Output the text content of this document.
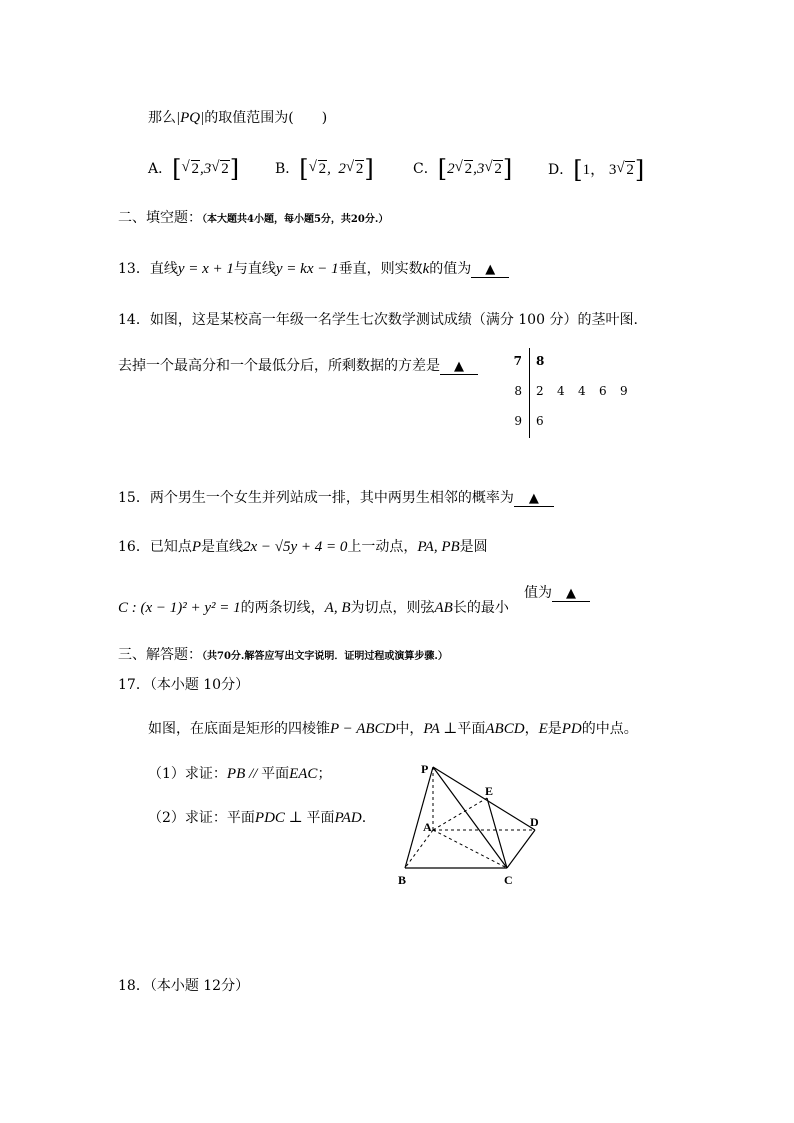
那么|PQ|的取值范围为(　　)
A．[ √ 2,3 √ 2]	B．[ √ 2,  2 √ 2]	C．[2 √ 2,3 √ 2]	D．[1， 3 √ 2]
二、填空题：（本大题共4小题，每小题5分，共20分.）
13．直线y = x + 1与直线y = kx − 1垂直，则实数k的值为 ▲
14．如图，这是某校高一年级一名学生七次数学测试成绩（满分 100 分）的茎叶图.
去掉一个最高分和一个最低分后，所剩数据的方差是 ▲	7 8
8 2 4 4 6 9
9 6
15．两个男生一个女生并列站成一排，其中两男生相邻的概率为 ▲
16．已知点P是直线2x − √5y + 4 = 0上一动点，PA, PB是圆
值为 ▲
C : (x − 1)² + y² = 1的两条切线，A, B为切点，则弦AB长的最小
三、解答题：（共70分.解答应写出文字说明．证明过程或演算步骤.）
17．（本小题 10分）
如图，在底面是矩形的四棱锥P − ABCD中，PA ⊥平面ABCD，E是PD的中点。
（1）求证：PB // 平面EAC；
（2）求证：平面PDC ⊥ 平面PAD.
P
E
A	D
B	C
18．（本小题 12分）
